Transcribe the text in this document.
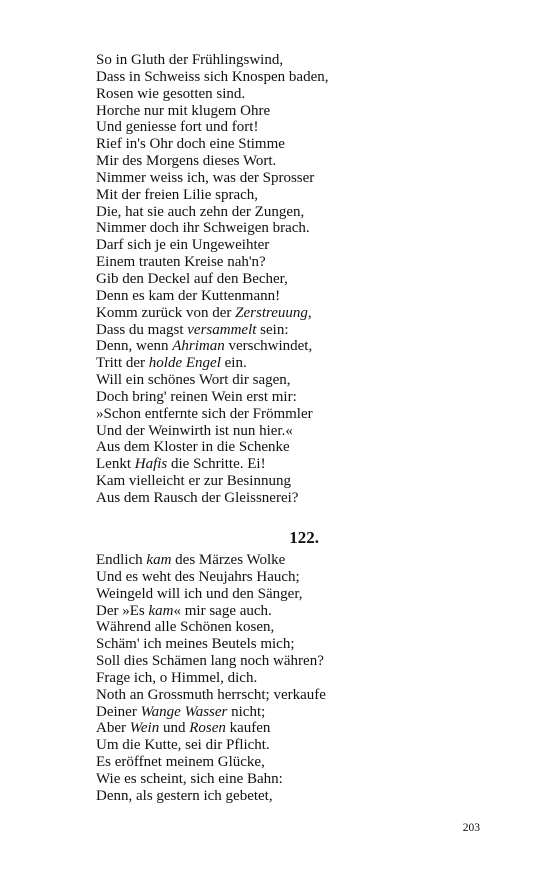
So in Gluth der Frühlingswind,
Dass in Schweiss sich Knospen baden,
Rosen wie gesotten sind.
Horche nur mit klugem Ohre
Und geniesse fort und fort!
Rief in's Ohr doch eine Stimme
Mir des Morgens dieses Wort.
Nimmer weiss ich, was der Sprosser
Mit der freien Lilie sprach,
Die, hat sie auch zehn der Zungen,
Nimmer doch ihr Schweigen brach.
Darf sich je ein Ungeweihter
Einem trauten Kreise nah'n?
Gib den Deckel auf den Becher,
Denn es kam der Kuttenmann!
Komm zurück von der Zerstreuung,
Dass du magst versammelt sein:
Denn, wenn Ahriman verschwindet,
Tritt der holde Engel ein.
Will ein schönes Wort dir sagen,
Doch bring' reinen Wein erst mir:
»Schon entfernte sich der Frömmler
Und der Weinwirth ist nun hier.«
Aus dem Kloster in die Schenke
Lenkt Hafis die Schritte. Ei!
Kam vielleicht er zur Besinnung
Aus dem Rausch der Gleissnerei?
122.
Endlich kam des Märzes Wolke
Und es weht des Neujahrs Hauch;
Weingeld will ich und den Sänger,
Der »Es kam« mir sage auch.
Während alle Schönen kosen,
Schäm' ich meines Beutels mich;
Soll dies Schämen lang noch währen?
Frage ich, o Himmel, dich.
Noth an Grossmuth herrscht; verkaufe
Deiner Wange Wasser nicht;
Aber Wein und Rosen kaufen
Um die Kutte, sei dir Pflicht.
Es eröffnet meinem Glücke,
Wie es scheint, sich eine Bahn:
Denn, als gestern ich gebetet,
203
